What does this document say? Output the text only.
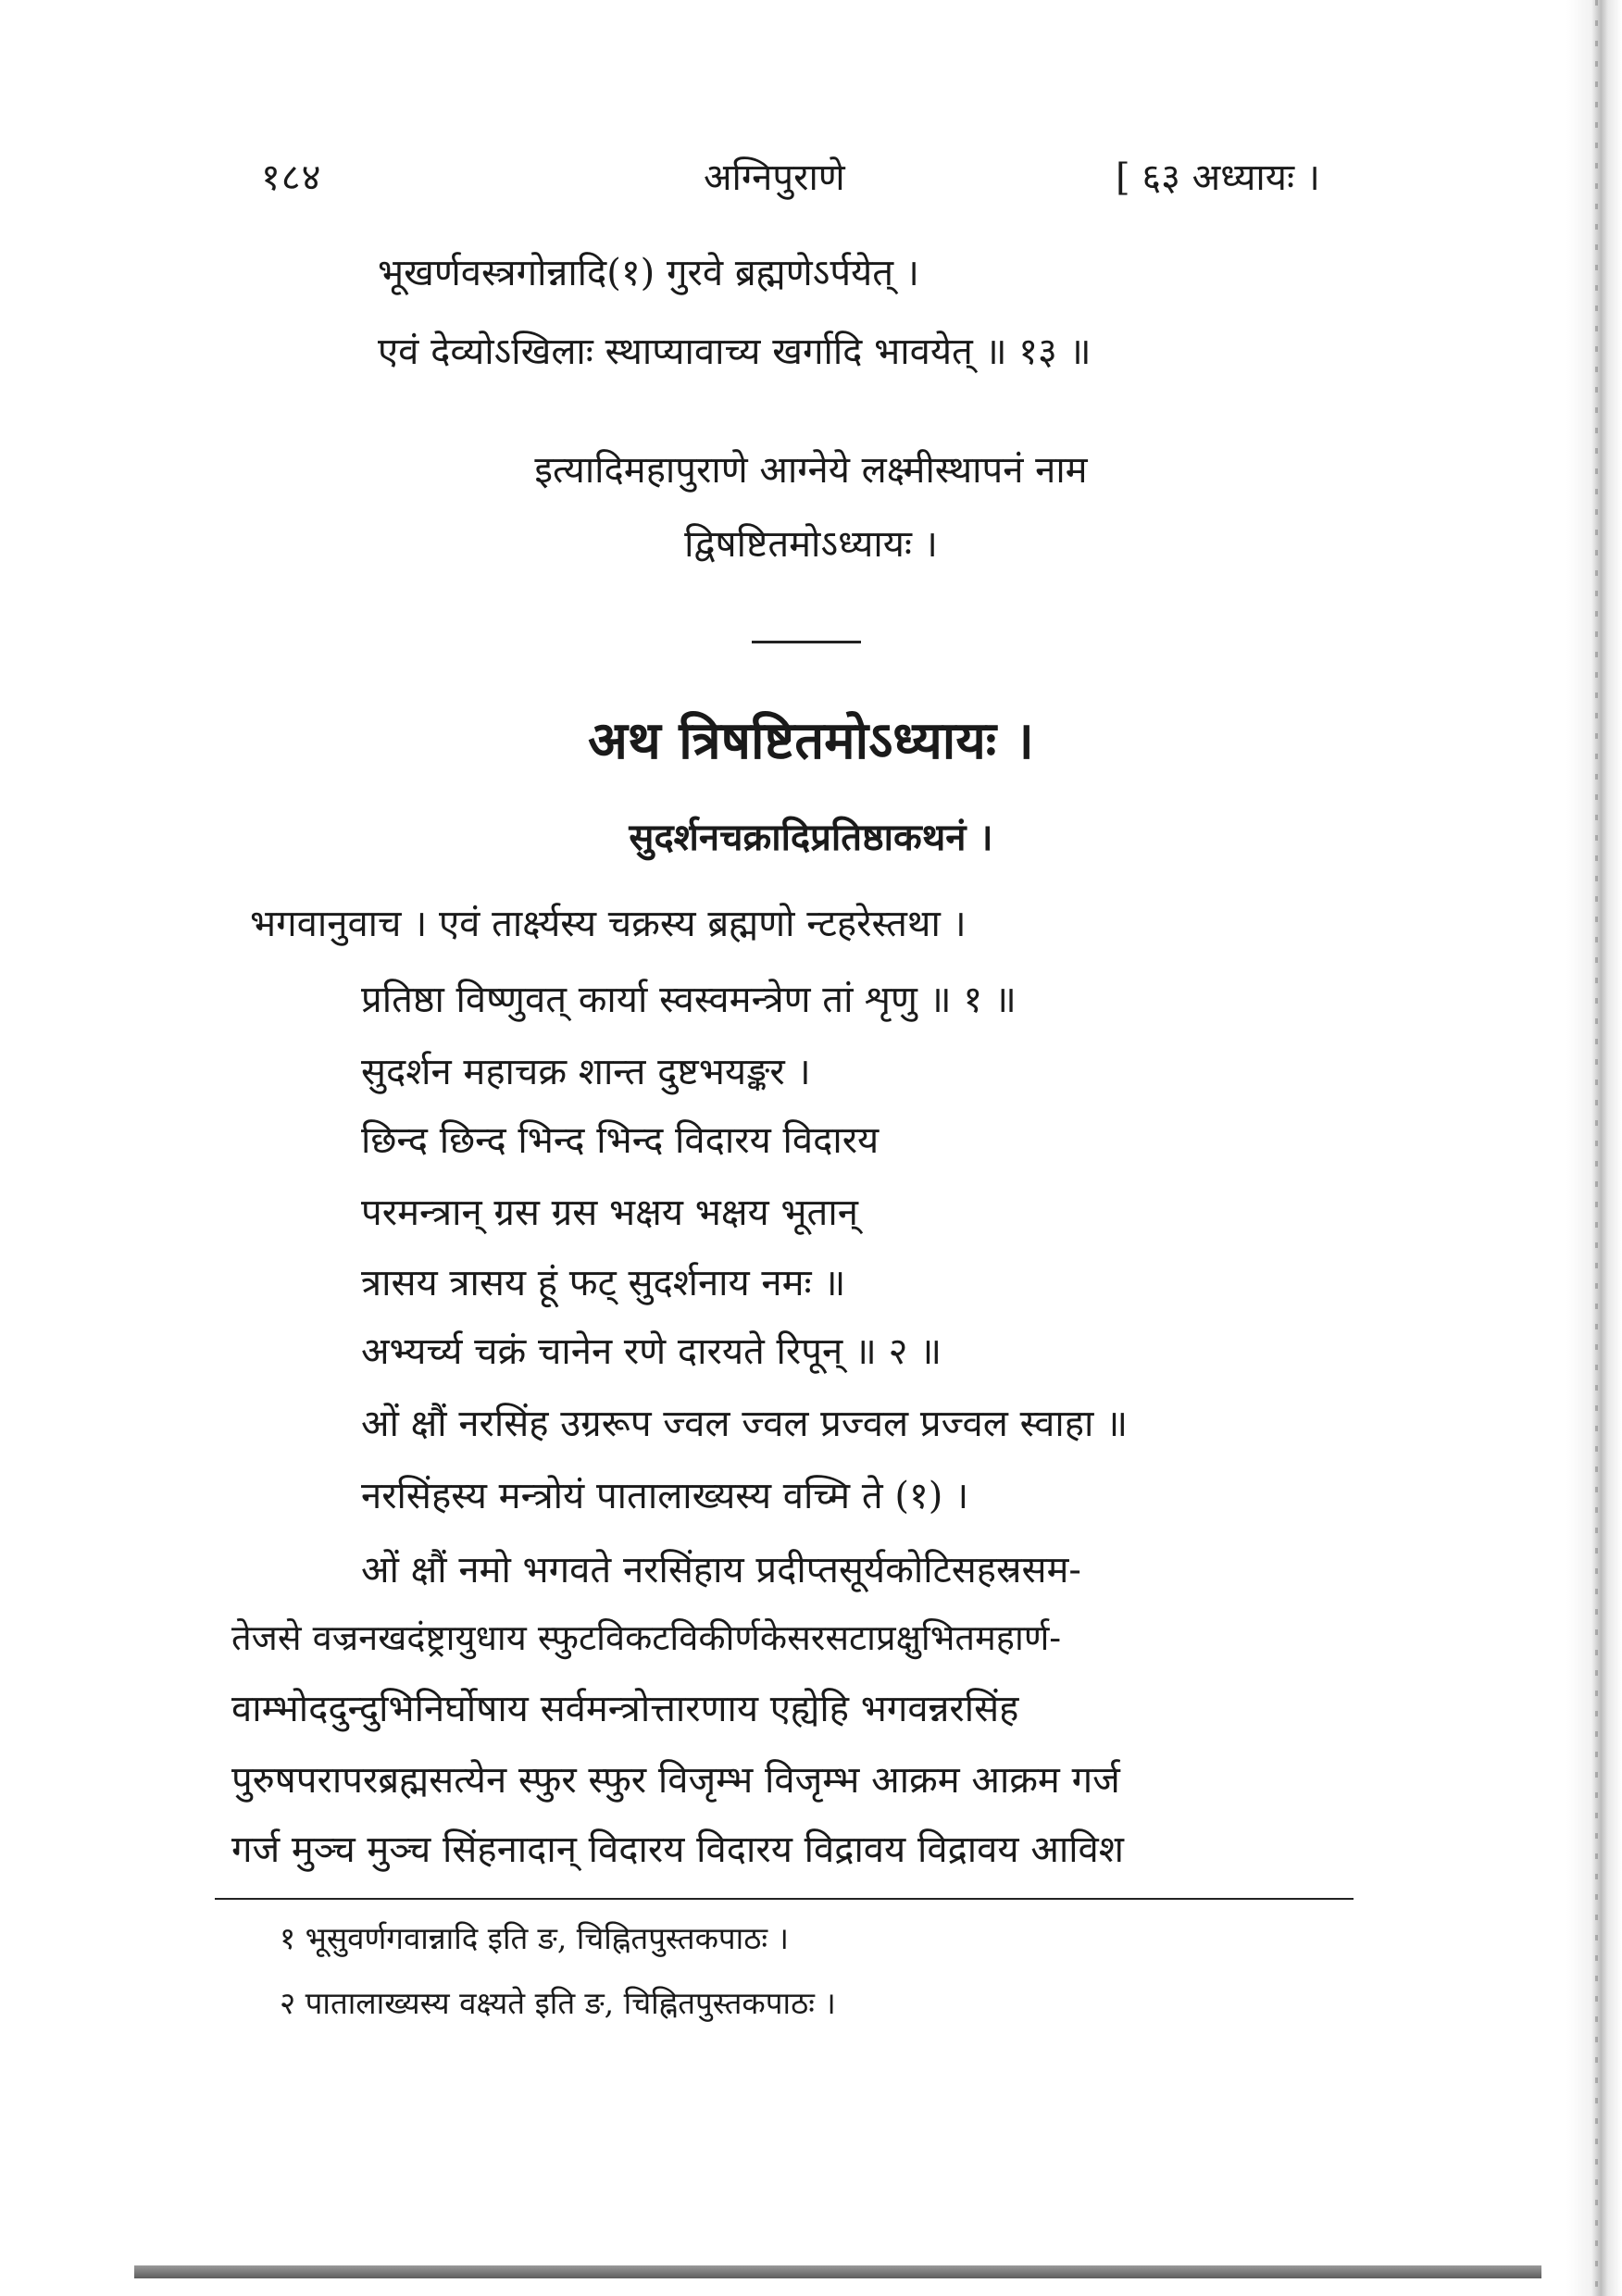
१८४	अग्निपुराणे	[ ६३ अध्यायः ।
भूखर्णवस्त्रगोन्नादि(१) गुरवे ब्रह्मणेऽर्पयेत् ।
एवं देव्योऽखिलाः स्थाप्यावाच्य खर्गादि भावयेत् ॥ १३ ॥
इत्यादिमहापुराणे आग्नेये लक्ष्मीस्थापनं नाम
द्विषष्टितमोऽध्यायः ।
अथ त्रिषष्टितमोऽध्यायः ।
सुदर्शनचक्रादिप्रतिष्ठाकथनं ।
भगवानुवाच । एवं तार्क्ष्यस्य चक्रस्य ब्रह्मणो न्टहरेस्तथा ।
प्रतिष्ठा विष्णुवत् कार्या स्वस्वमन्त्रेण तां शृणु ॥ १ ॥
सुदर्शन महाचक्र शान्त दुष्टभयङ्कर ।
छिन्द छिन्द भिन्द भिन्द विदारय विदारय
परमन्त्रान् ग्रस ग्रस भक्षय भक्षय भूतान्
त्रासय त्रासय हूं फट् सुदर्शनाय नमः ॥
अभ्यर्च्य चक्रं चानेन रणे दारयते रिपून् ॥ २ ॥
ओं क्षौं नरसिंह उग्ररूप ज्वल ज्वल प्रज्वल प्रज्वल स्वाहा ॥
नरसिंहस्य मन्त्रोयं पातालाख्यस्य वच्मि ते (१) ।
ओं क्षौं नमो भगवते नरसिंहाय प्रदीप्तसूर्यकोटिसहस्रसम-
तेजसे वज्रनखदंष्ट्रायुधाय स्फुटविकटविकीर्णकेसरसटाप्रक्षुभितमहार्ण-
वाम्भोददुन्दुभिनिर्घोषाय सर्वमन्त्रोत्तारणाय एह्येहि भगवन्नरसिंह
पुरुषपरापरब्रह्मसत्येन स्फुर स्फुर विजृम्भ विजृम्भ आक्रम आक्रम गर्ज
गर्ज मुञ्च मुञ्च सिंहनादान् विदारय विदारय विद्रावय विद्रावय आविश
१ भूसुवर्णगवान्नादि इति ङ, चिह्नितपुस्तकपाठः ।
२ पातालाख्यस्य वक्ष्यते इति ङ, चिह्नितपुस्तकपाठः ।
